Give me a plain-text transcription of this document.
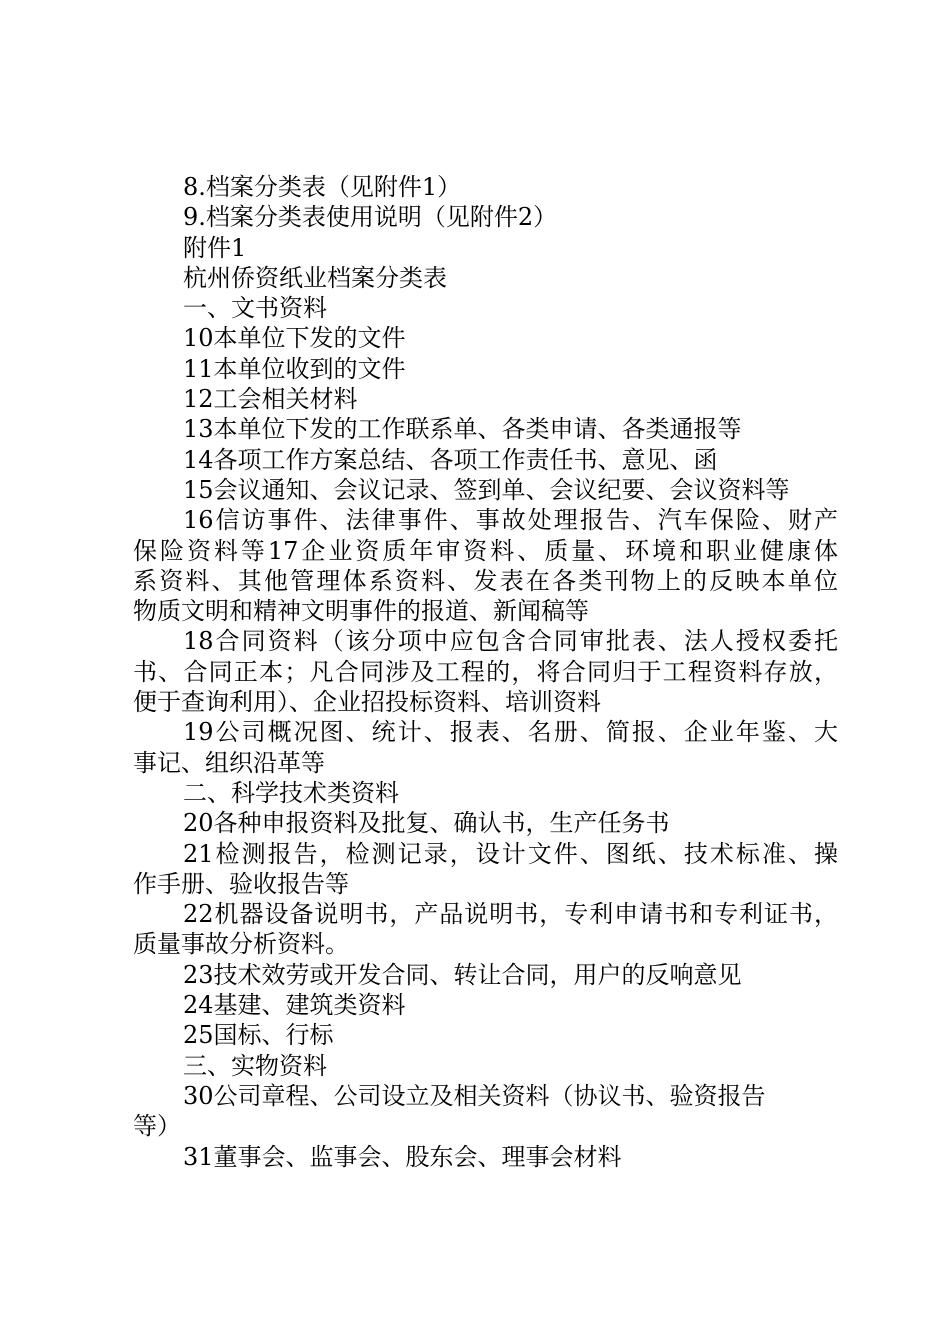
8.档案分类表（见附件1）
9.档案分类表使用说明（见附件2）
附件1
杭州侨资纸业档案分类表
一、文书资料
10本单位下发的文件
11本单位收到的文件
12工会相关材料
13本单位下发的工作联系单、各类申请、各类通报等
14各项工作方案总结、各项工作责任书、意见、函
15会议通知、会议记录、签到单、会议纪要、会议资料等
16信访事件、法律事件、事故处理报告、汽车保险、财产
保险资料等17企业资质年审资料、质量、环境和职业健康体
系资料、其他管理体系资料、发表在各类刊物上的反映本单位
物质文明和精神文明事件的报道、新闻稿等
18合同资料（该分项中应包含合同审批表、法人授权委托
书、合同正本；凡合同涉及工程的，将合同归于工程资料存放，
便于查询利用）、企业招投标资料、培训资料
19公司概况图、统计、报表、名册、简报、企业年鉴、大
事记、组织沿革等
二、科学技术类资料
20各种申报资料及批复、确认书，生产任务书
21检测报告，检测记录，设计文件、图纸、技术标准、操
作手册、验收报告等
22机器设备说明书，产品说明书，专利申请书和专利证书，
质量事故分析资料。
23技术效劳或开发合同、转让合同，用户的反响意见
24基建、建筑类资料
25国标、行标
三、实物资料
30公司章程、公司设立及相关资料（协议书、验资报告
等）
31董事会、监事会、股东会、理事会材料
